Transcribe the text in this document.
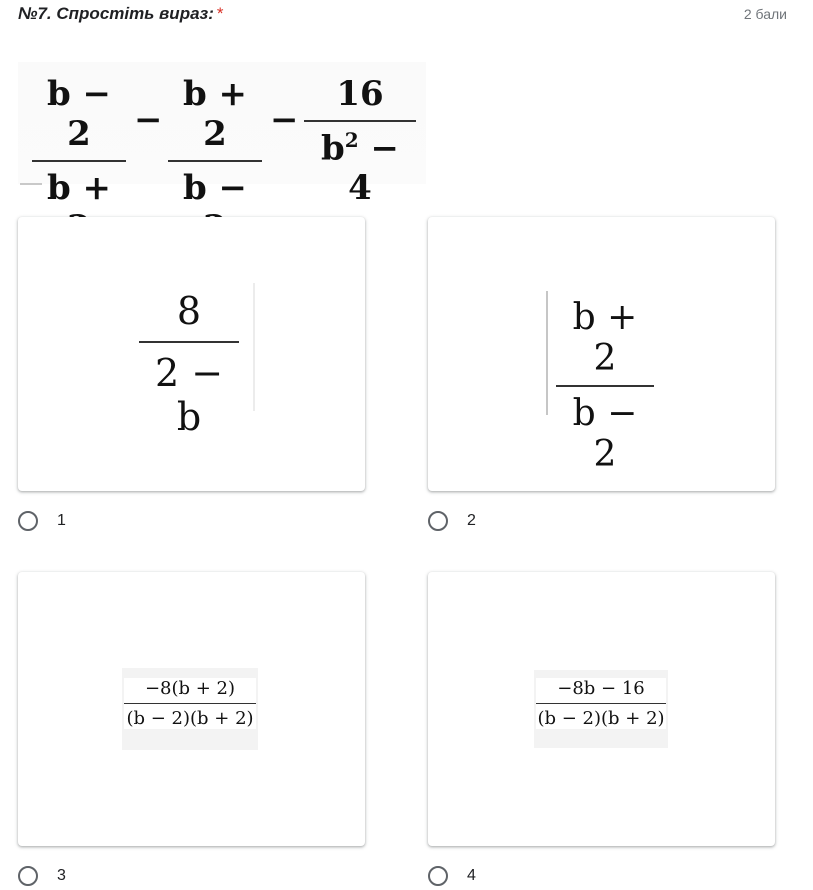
№7. Спростіть вираз: *	2 бали
b − 2
b +
−
b + 2
b −
−
16
$b^2 - 4$
8
2 − b
1
b + 2
b − 2
2
−8(b + 2)
(b − 2)(b + 2)
3
−8b − 16
(b − 2)(b + 2)
4
